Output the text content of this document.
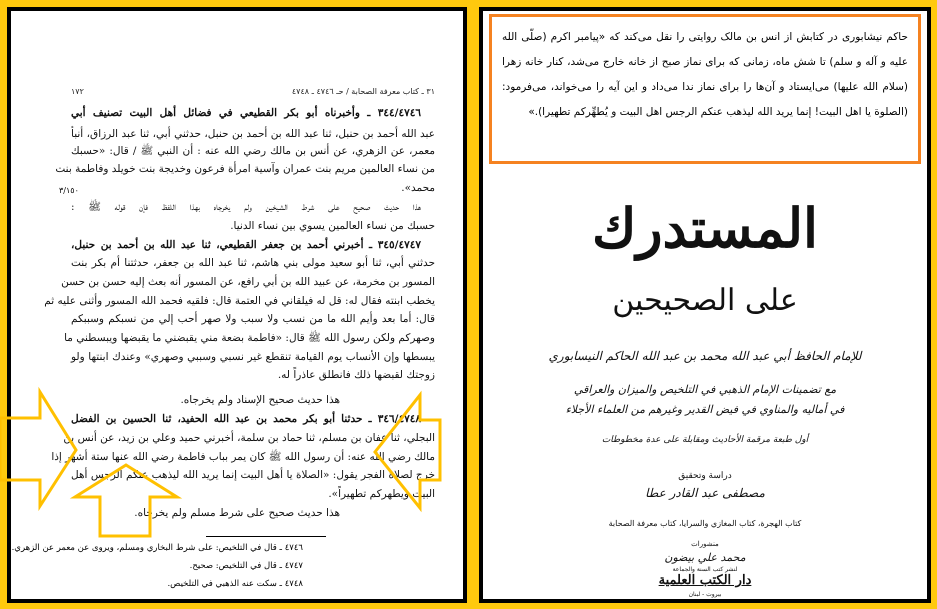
٣١ ـ كتاب معرفة الصحابة / حـ ٤٧٤٦ ـ ٤٧٤٨
١٧٢
٣/١٥٠
٣٤٤/٤٧٤٦ ـ وأخبرناه أبو بكر القطيعي في فضائل أهل البيت تصنيف أبي
عبد الله أحمد بن حنبل، ثنا عبد الله بن أحمد بن حنبل، حدثني أبي، ثنا عبد الرزاق، أنبأ
معمر، عن الزهري، عن أنس بن مالك رضي الله عنه : أن النبي ﷺ / قال: «حسبك
من نساء العالمين مريم بنت عمران وآسية امرأة فرعون وخديجة بنت خويلد وفاطمة بنت
محمد».
هذا حديث صحيح على شرط الشيخين ولم يخرجاه بهذا اللفظ فإن قوله ﷺ :
حسبك من نساء العالمين يسوي بين نساء الدنيا.
٣٤٥/٤٧٤٧ ـ أخبرني أحمد بن جعفر القطيعي، ثنا عبد الله بن أحمد بن حنبل،
حدثني أبي، ثنا أبو سعيد مولى بني هاشم، ثنا عبد الله بن جعفر، حدثتنا أم بكر بنت
المسور بن مخرمة، عن عبيد الله بن أبي رافع، عن المسور أنه بعث إليه حسن بن حسن
يخطب ابنته فقال له: قل له فيلقاني في العتمة قال: فلقيه فحمد الله المسور وأثنى عليه ثم
قال: أما بعد وأيم الله ما من نسب ولا سبب ولا صهر أحب إلي من نسبكم وسببكم
وصهركم ولكن رسول الله ﷺ قال: «فاطمة بضعة مني يقبضني ما يقبضها ويبسطني ما
يبسطها وإن الأنساب يوم القيامة تنقطع غير نسبي وسببي وصهري» وعندك ابنتها ولو
زوجتك لقبضها ذلك فانطلق عاذراً له.
هذا حديث صحيح الإسناد ولم يخرجاه.
٣٤٦/٤٧٤٨ ـ حدثنا أبو بكر محمد بن عبد الله الحفيد، ثنا الحسين بن الفضل
البجلي، ثنا عفان بن مسلم، ثنا حماد بن سلمة، أخبرني حميد وعلي بن زيد، عن أنس بن
مالك رضي الله عنه: أن رسول الله ﷺ كان يمر بباب فاطمة رضي الله عنها ستة أشهر إذا
خرج لصلاة الفجر يقول: «الصلاة يا أهل البيت إنما يريد الله ليذهب عنكم الرجس أهل
البيت ويطهركم تطهيراً».
هذا حديث صحيح على شرط مسلم ولم يخرجاه.
٤٧٤٦ ـ قال في التلخيص: على شرط البخاري ومسلم، ويروى عن معمر عن الزهري.
٤٧٤٧ ـ قال في التلخيص: صحيح.
٤٧٤٨ ـ سكت عنه الذهبي في التلخيص.
حاکم نیشابوری در کتابش از انس بن مالک روایتی را نقل می‌کند که «پیامبر اکرم (صلّی الله علیه و آله و سلم) تا شش ماه، زمانی که برای نماز صبح از خانه خارج می‌شد، کنار خانه زهرا (سلام الله علیها) می‌ایستاد و آن‌ها را برای نماز ندا می‌داد و این آیه را می‌خواند، می‌فرمود: (الصلوة یا اهل البیت! إنما یرید الله لیذهب عنکم الرجس اهل البیت و یُطهِّرکم تطهیرا).»
المستدرك
على الصحيحين
للإمام الحافظ أبي عبد الله محمد بن عبد الله الحاكم النيسابوري
مع تضمينات الإمام الذهبي في التلخيص والميزان والعراقي
في أماليه والمناوي في فيض القدير وغيرهم من العلماء الأجلاء
أول طبعة مرقمة الأحاديث ومقابلة على عدة مخطوطات
دراسة وتحقيق
مصطفى عبد القادر عطا
كتاب الهجرة، كتاب المغازي والسرايا، كتاب معرفة الصحابة
منشورات
محمد علي بيضون
لنشر كتب السنة والجماعة
دار الكتب العلمية
بيروت - لبنان
